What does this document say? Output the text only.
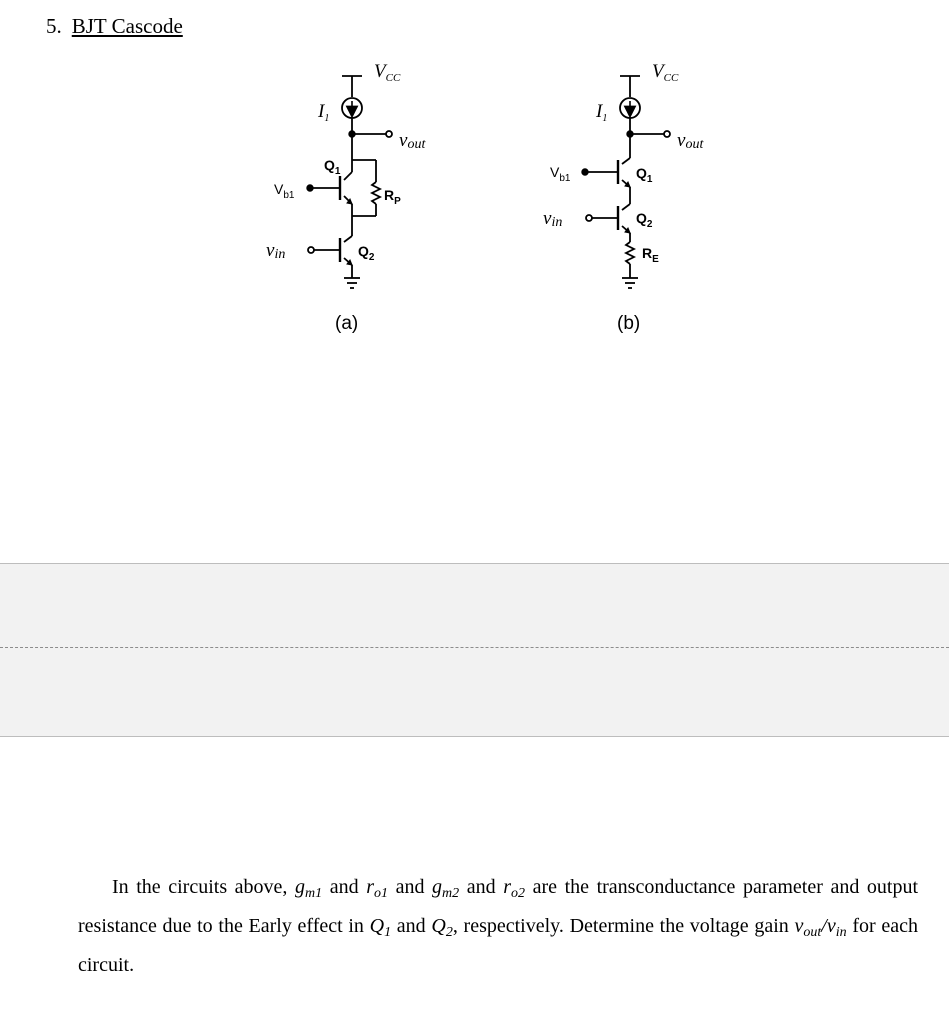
5. BJT Cascode
$V_{CC}$
$I_1$
vout
$Q_1$
$V_{b1}$	$R_P$
vin	$Q_2$
(a)
$V_{CC}$
$I_1$
vout
$V_{b1}$	$Q_1$
vin	$Q_2$
$R_E$
(b)
In the circuits above, $g_{m1}$ and $r_{o1}$ and $g_{m2}$ and $r_{o2}$ are the transconductance parameter and output resistance due to the Early effect in $Q_1$ and $Q_2$, respectively. Determine the voltage gain $v_{out}/v_{in}$ for each circuit.
